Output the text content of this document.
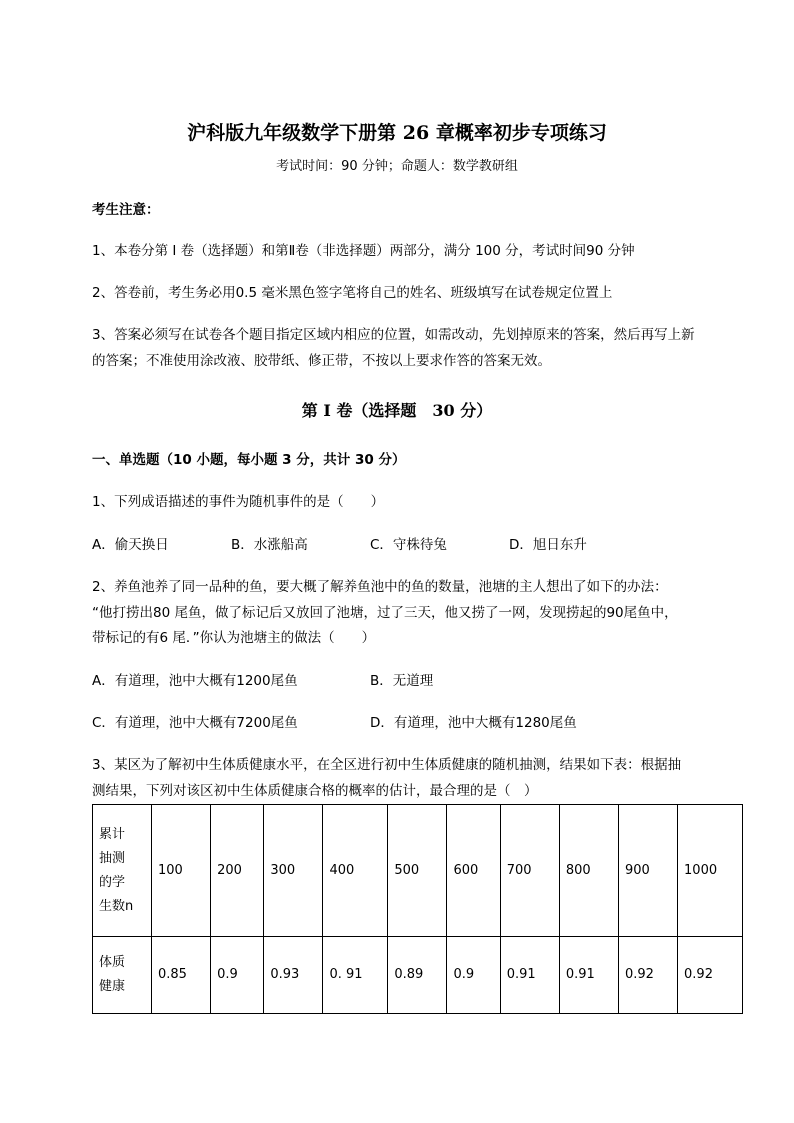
沪科版九年级数学下册第 26 章概率初步专项练习
考试时间：90 分钟；命题人：数学教研组
考生注意：
1、本卷分第 I 卷（选择题）和第Ⅱ卷（非选择题）两部分，满分 100 分，考试时间90 分钟
2、答卷前，考生务必用0.5 毫米黑色签字笔将自己的姓名、班级填写在试卷规定位置上
3、答案必须写在试卷各个题目指定区域内相应的位置，如需改动，先划掉原来的答案，然后再写上新
的答案；不准使用涂改液、胶带纸、修正带，不按以上要求作答的答案无效。
第 I 卷（选择题　30 分）
一、单选题（10 小题，每小题 3 分，共计 30 分）
1、下列成语描述的事件为随机事件的是（　　）
A．偷天换日	B．水涨船高	C．守株待兔	D．旭日东升
2、养鱼池养了同一品种的鱼，要大概了解养鱼池中的鱼的数量，池塘的主人想出了如下的办法：
“他打捞出80 尾鱼，做了标记后又放回了池塘，过了三天，他又捞了一网，发现捞起的90尾鱼中，
带标记的有6 尾．”你认为池塘主的做法（　　）
A．有道理，池中大概有1200尾鱼	B．无道理
C．有道理，池中大概有7200尾鱼	D．有道理，池中大概有1280尾鱼
3、某区为了解初中生体质健康水平，在全区进行初中生体质健康的随机抽测，结果如下表：根据抽
测结果，下列对该区初中生体质健康合格的概率的估计，最合理的是（　）
累计
抽测
的学
生数n	100	200	300	400	500	600	700	800	900	1000

体质
健康	0.85	0.9	0.93	0. 91	0.89	0.9	0.91	0.91	0.92	0.92
